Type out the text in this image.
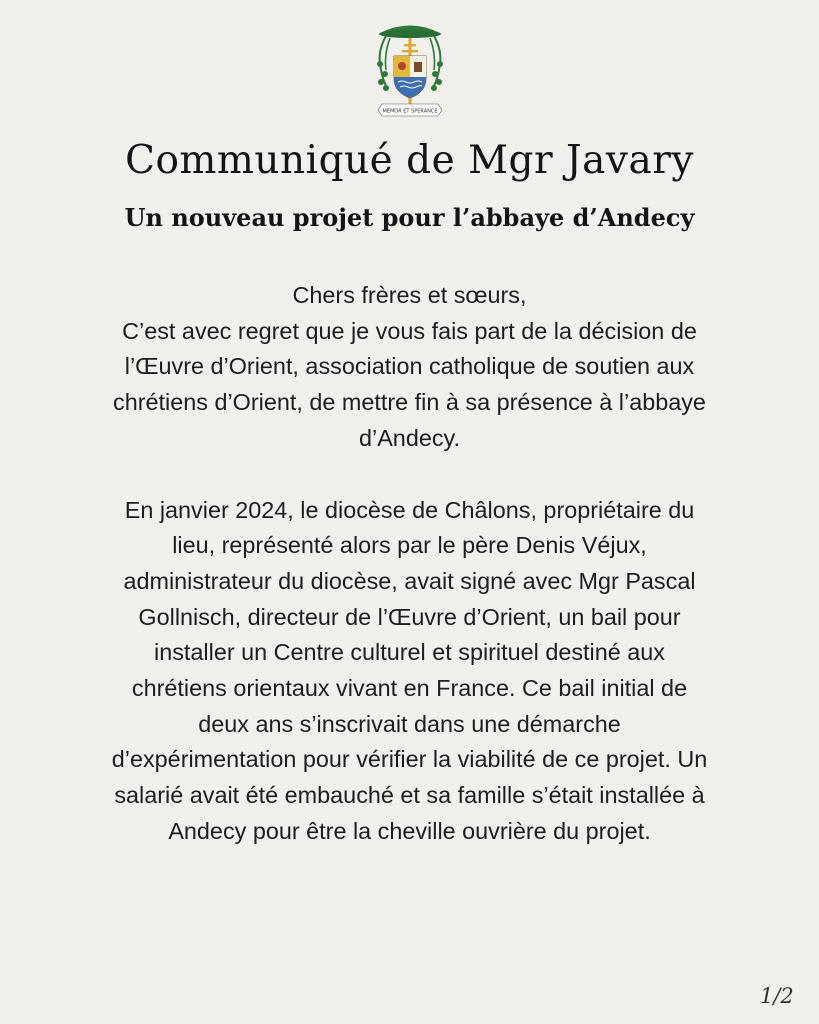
MEMOR ET SPERANCE
Communiqué de Mgr Javary
Un nouveau projet pour l’abbaye d’Andecy

Chers frères et sœurs,

C’est avec regret que je vous fais part de la décision de

l’Œuvre d’Orient, association catholique de soutien aux

chrétiens d’Orient, de mettre fin à sa présence à l’abbaye

d’Andecy.

En janvier 2024, le diocèse de Châlons, propriétaire du

lieu, représenté alors par le père Denis Véjux,

administrateur du diocèse, avait signé avec Mgr Pascal

Gollnisch, directeur de l’Œuvre d’Orient, un bail pour

installer un Centre culturel et spirituel destiné aux

chrétiens orientaux vivant en France. Ce bail initial de

deux ans s’inscrivait dans une démarche

d’expérimentation pour vérifier la viabilité de ce projet. Un

salarié avait été embauché et sa famille s’était installée à

Andecy pour être la cheville ouvrière du projet.

1/2
